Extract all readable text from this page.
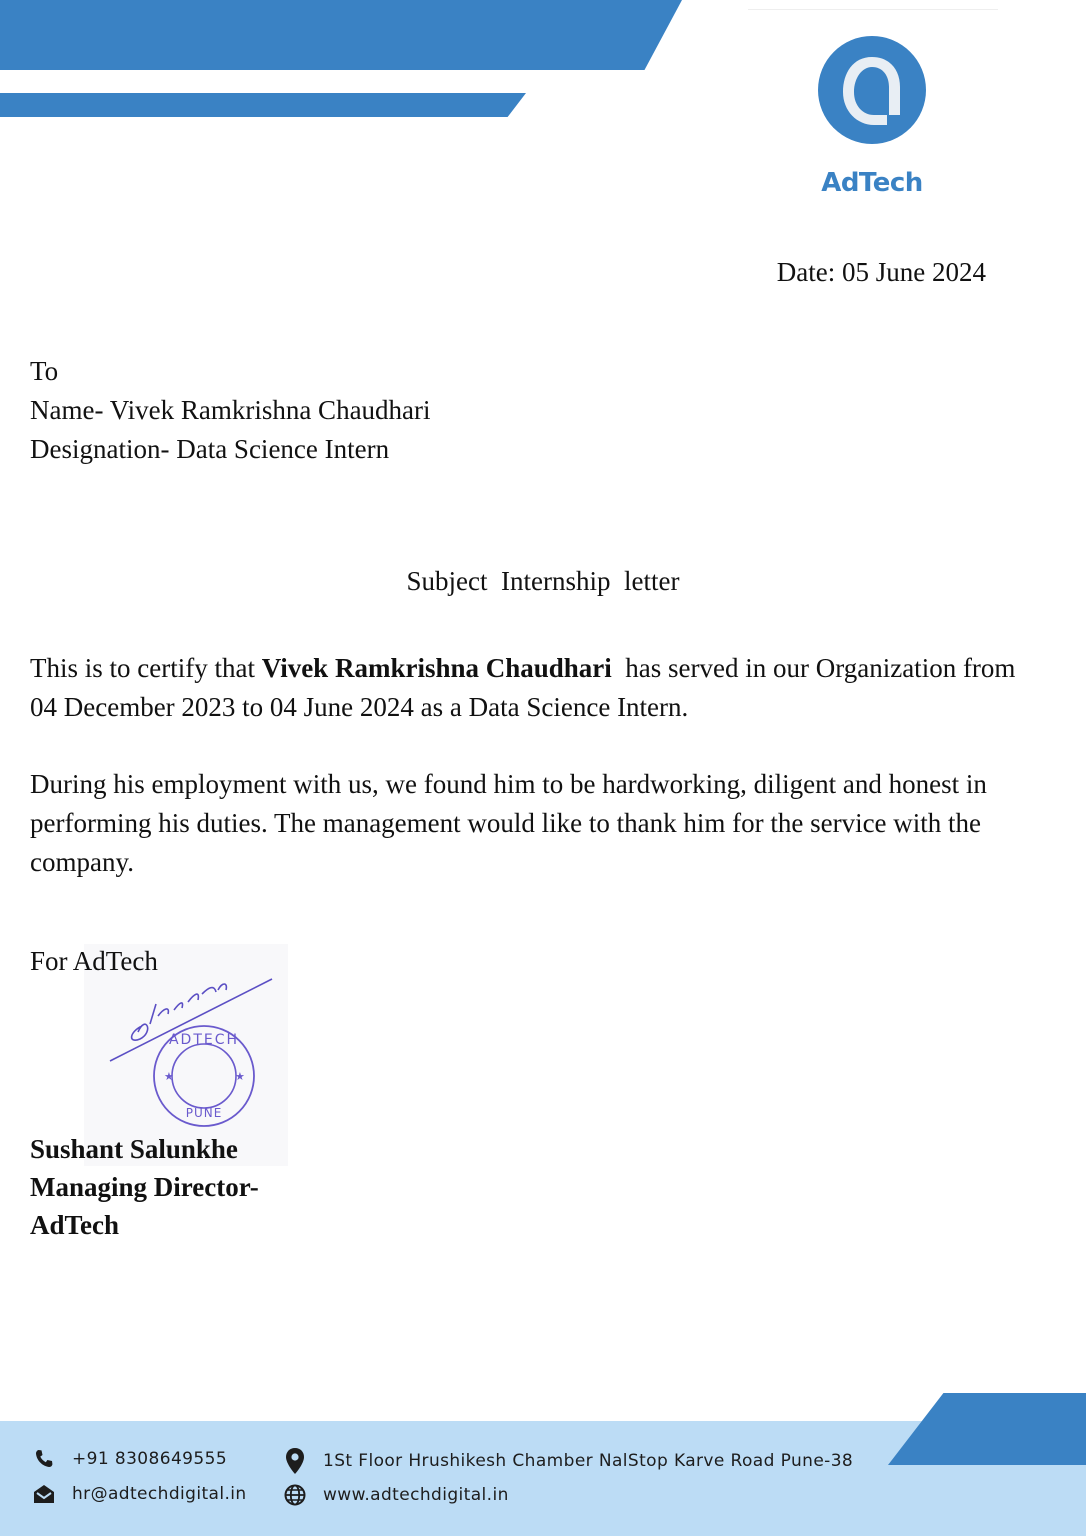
AdTech
Date: 05 June 2024
To
Name- Vivek Ramkrishna Chaudhari
Designation- Data Science Intern
Subject  Internship  letter

This is to certify that Vivek Ramkrishna Chaudhari  has served in our Organization from 04 December 2023 to 04 June 2024 as a Data Science Intern.

During his employment with us, we found him to be hardworking, diligent and honest in performing his duties. The management would like to thank him for the service with the company.

★	★
ADTECH
PUNE
For AdTech
Sushant Salunkhe
Managing Director-
AdTech
+91 8308649555	1St Floor Hrushikesh Chamber NalStop Karve Road Pune-38
hr@adtechdigital.in	www.adtechdigital.in
